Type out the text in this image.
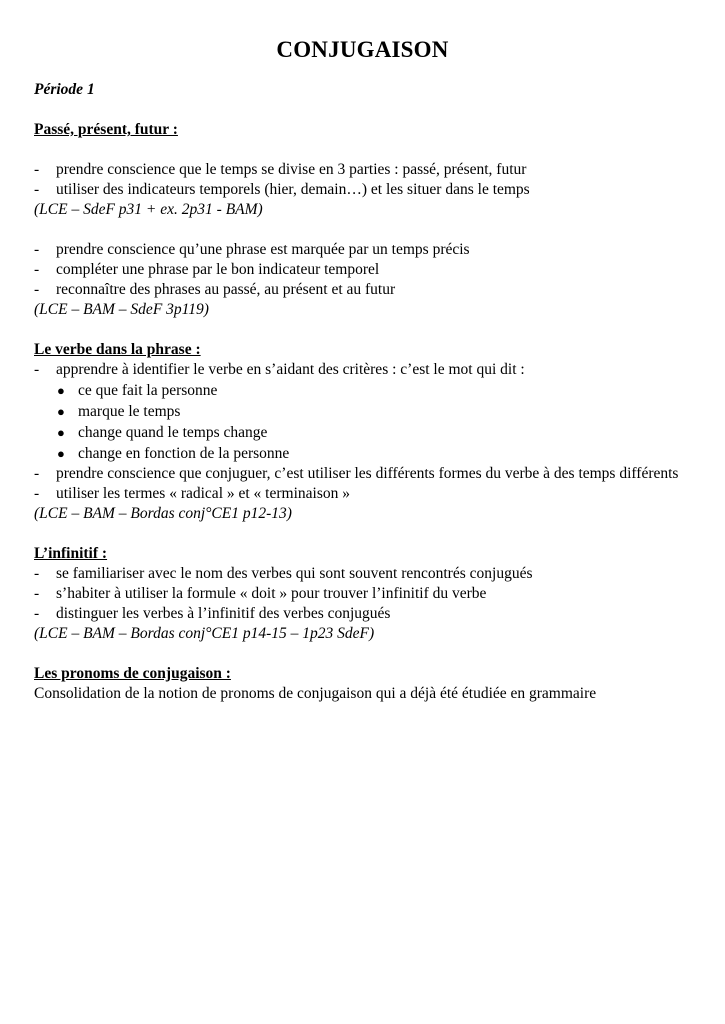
CONJUGAISON

Période 1

Passé, présent, futur :

- prendre conscience que le temps se divise en 3 parties : passé, présent, futur

- utiliser des indicateurs temporels (hier, demain…) et les situer dans le temps

(LCE – SdeF p31 + ex. 2p31 - BAM)

- prendre conscience qu’une phrase est marquée par un temps précis

- compléter une phrase par le bon indicateur temporel

- reconnaître des phrases au passé, au présent et au futur

(LCE – BAM – SdeF 3p119)

Le verbe dans la phrase :

- apprendre à identifier le verbe en s’aidant des critères : c’est le mot qui dit :

● ce que fait la personne

● marque le temps

● change quand le temps change

● change en fonction de la personne

- prendre conscience que conjuguer, c’est utiliser les différents formes du verbe à des temps différents

- utiliser les termes « radical » et « terminaison »

(LCE – BAM – Bordas conj°CE1 p12-13)

L’infinitif :

- se familiariser avec le nom des verbes qui sont souvent rencontrés conjugués

- s’habiter à utiliser la formule « doit » pour trouver l’infinitif du verbe

- distinguer les verbes à l’infinitif des verbes conjugués

(LCE – BAM – Bordas conj°CE1 p14-15 – 1p23 SdeF)

Les pronoms de conjugaison :

Consolidation de la notion de pronoms de conjugaison qui a déjà été étudiée en grammaire
